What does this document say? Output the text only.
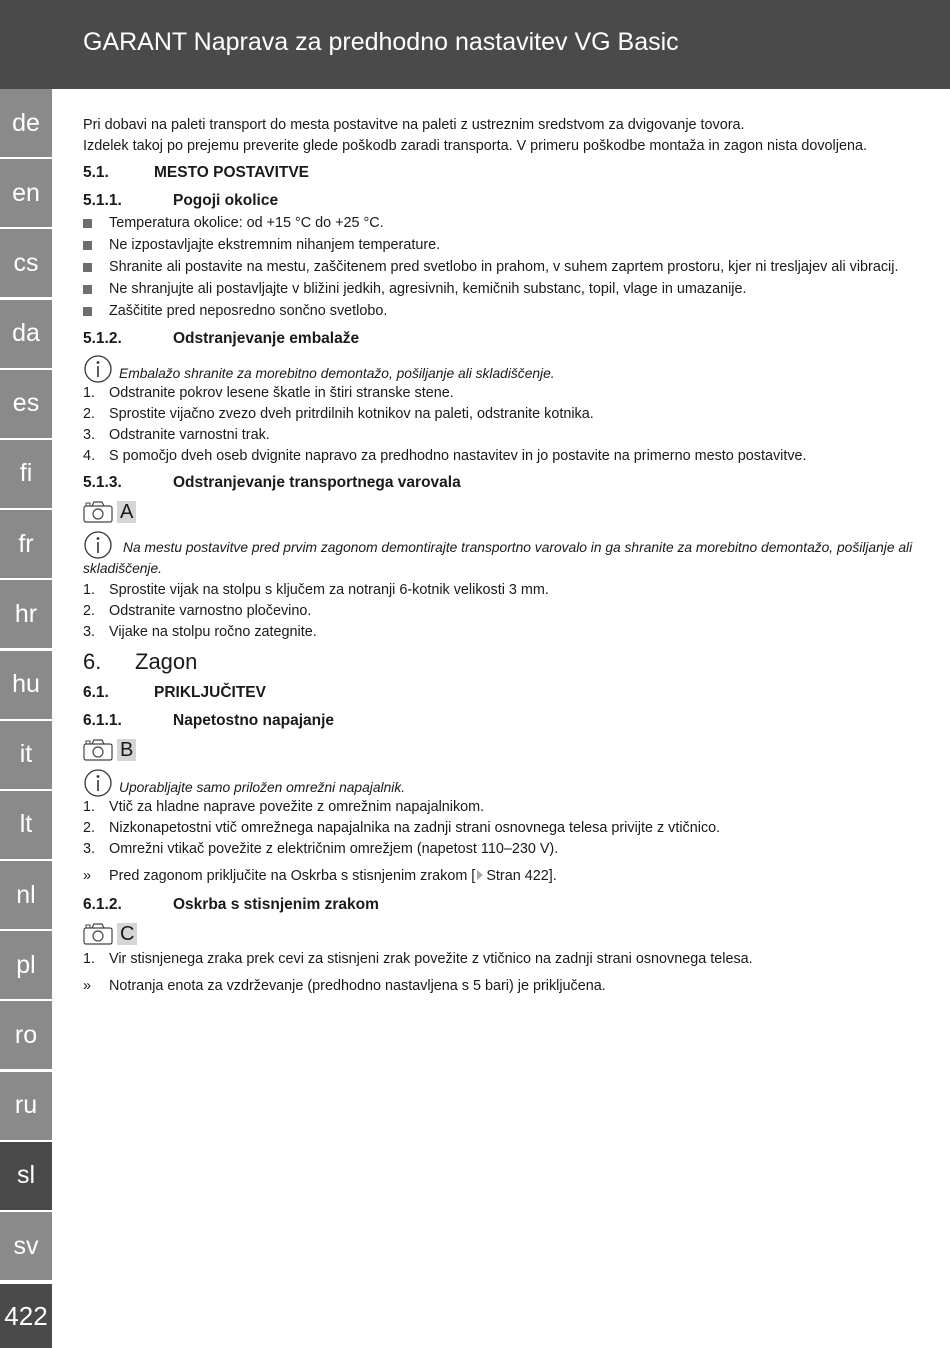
GARANT Naprava za predhodno nastavitev VG Basic
de
en
cs
da
es
fi
fr
hr
hu
it
lt
nl
pl
ro
ru
sl
sv
422

Pri dobavi na paleti transport do mesta postavitve na paleti z ustreznim sredstvom za dvigovanje tovora.

Izdelek takoj po prejemu preverite glede poškodb zaradi transporta. V primeru poškodbe montaža in zagon nista dovoljena.

5.1.	MESTO POSTAVITVE
5.1.1.	Pogoji okolice
Temperatura okolice: od +15 °C do +25 °C.
Ne izpostavljajte ekstremnim nihanjem temperature.
Shranite ali postavite na mestu, zaščitenem pred svetlobo in prahom, v suhem zaprtem prostoru, kjer ni tresljajev ali vibracij.
Ne shranjujte ali postavljajte v bližini jedkih, agresivnih, kemičnih substanc, topil, vlage in umazanije.
Zaščitite pred neposredno sončno svetlobo.
5.1.2.	Odstranjevanje embalaže
Embalažo shranite za morebitno demontažo, pošiljanje ali skladiščenje.
1. Odstranite pokrov lesene škatle in štiri stranske stene.
2. Sprostite vijačno zvezo dveh pritrdilnih kotnikov na paleti, odstranite kotnika.
3. Odstranite varnostni trak.
4. S pomočjo dveh oseb dvignite napravo za predhodno nastavitev in jo postavite na primerno mesto postavitve.
5.1.3.	Odstranjevanje transportnega varovala
A
Na mestu postavitve pred prvim zagonom demontirajte transportno varovalo in ga shranite za morebitno demontažo, pošiljanje ali skladiščenje.
1. Sprostite vijak na stolpu s ključem za notranji 6-kotnik velikosti 3 mm.
2. Odstranite varnostno pločevino.
3. Vijake na stolpu ročno zategnite.
6.	Zagon
6.1.	PRIKLJUČITEV
6.1.1.	Napetostno napajanje
B
Uporabljajte samo priložen omrežni napajalnik.
1. Vtič za hladne naprave povežite z omrežnim napajalnikom.
2. Nizkonapetostni vtič omrežnega napajalnika na zadnji strani osnovnega telesa privijte z vtičnico.
3. Omrežni vtikač povežite z električnim omrežjem (napetost 110–230 V).
»	Pred zagonom priključite na Oskrba s stisnjenim zrakom [ Stran 422].
6.1.2.	Oskrba s stisnjenim zrakom
C
1. Vir stisnjenega zraka prek cevi za stisnjeni zrak povežite z vtičnico na zadnji strani osnovnega telesa.
»	Notranja enota za vzdrževanje (predhodno nastavljena s 5 bari) je priključena.
